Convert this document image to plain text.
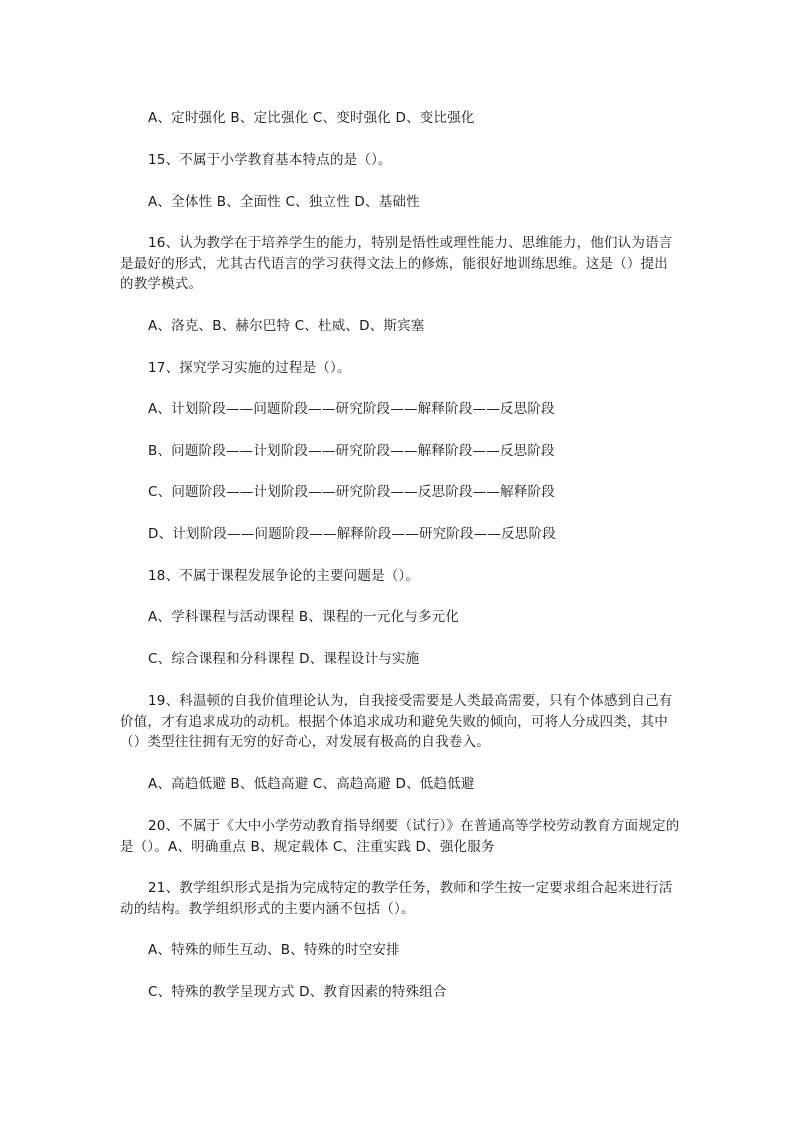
A、定时强化 B、定比强化 C、变时强化 D、变比强化

15、不属于小学教育基本特点的是（）。

A、全体性 B、全面性 C、独立性 D、基础性

16、认为教学在于培养学生的能力，特别是悟性或理性能力、思维能力，他们认为语言是最好的形式，尤其古代语言的学习获得文法上的修炼，能很好地训练思维。这是（）提出的教学模式。

A、洛克、B、赫尔巴特 C、杜威、D、斯宾塞

17、探究学习实施的过程是（）。

A、计划阶段——问题阶段——研究阶段——解释阶段——反思阶段

B、问题阶段——计划阶段——研究阶段——解释阶段——反思阶段

C、问题阶段——计划阶段——研究阶段——反思阶段——解释阶段

D、计划阶段——问题阶段——解释阶段——研究阶段——反思阶段

18、不属于课程发展争论的主要问题是（）。

A、学科课程与活动课程 B、课程的一元化与多元化

C、综合课程和分科课程 D、课程设计与实施

19、科温顿的自我价值理论认为，自我接受需要是人类最高需要，只有个体感到自己有价值，才有追求成功的动机。根据个体追求成功和避免失败的倾向，可将人分成四类，其中（）类型往往拥有无穷的好奇心，对发展有极高的自我卷入。

A、高趋低避 B、低趋高避 C、高趋高避 D、低趋低避

20、不属于《大中小学劳动教育指导纲要（试行）》在普通高等学校劳动教育方面规定的是（）。A、明确重点 B、规定载体 C、注重实践 D、强化服务

21、教学组织形式是指为完成特定的教学任务，教师和学生按一定要求组合起来进行活动的结构。教学组织形式的主要内涵不包括（）。

A、特殊的师生互动、B、特殊的时空安排

C、特殊的教学呈现方式 D、教育因素的特殊组合
